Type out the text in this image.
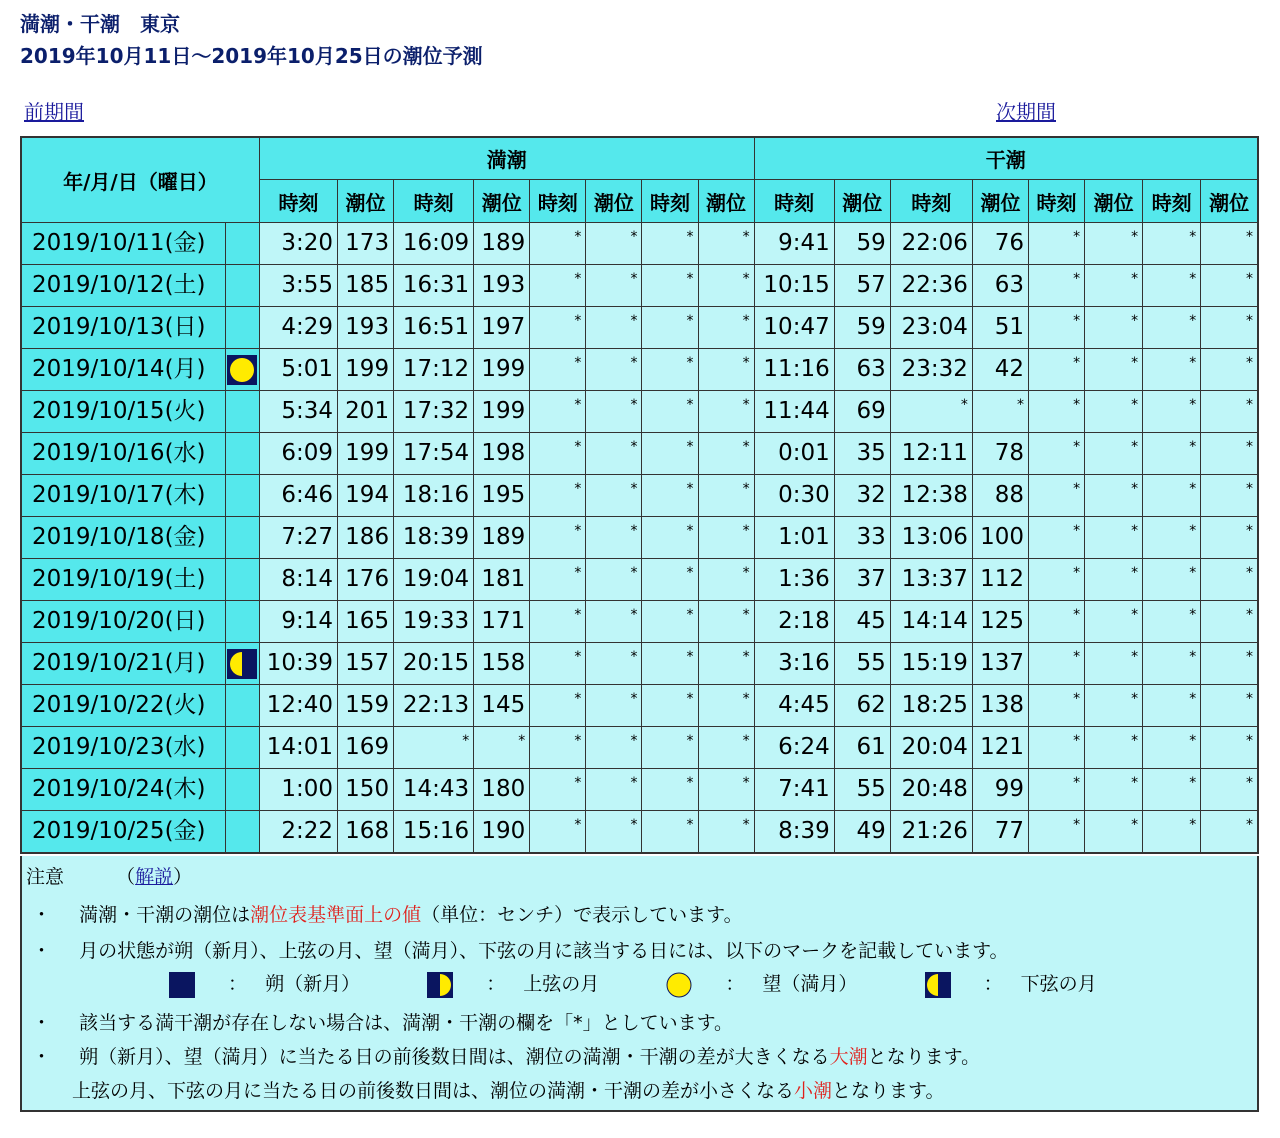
満潮・干潮　東京
2019年10月11日〜2019年10月25日の潮位予測
前期間	次期間
年/月/日（曜日）		満潮								干潮							
		時刻	潮位	時刻	潮位	時刻	潮位	時刻	潮位	時刻	潮位	時刻	潮位	時刻	潮位	時刻	潮位
2019/10/11(金)		3:20	173	16:09	189	*	*	*	*	9:41	59	22:06	76	*	*	*	*
2019/10/12(土)		3:55	185	16:31	193	*	*	*	*	10:15	57	22:36	63	*	*	*	*
2019/10/13(日)		4:29	193	16:51	197	*	*	*	*	10:47	59	23:04	51	*	*	*	*
2019/10/14(月)		5:01	199	17:12	199	*	*	*	*	11:16	63	23:32	42	*	*	*	*
2019/10/15(火)		5:34	201	17:32	199	*	*	*	*	11:44	69	*	*	*	*	*	*
2019/10/16(水)		6:09	199	17:54	198	*	*	*	*	0:01	35	12:11	78	*	*	*	*
2019/10/17(木)		6:46	194	18:16	195	*	*	*	*	0:30	32	12:38	88	*	*	*	*
2019/10/18(金)		7:27	186	18:39	189	*	*	*	*	1:01	33	13:06	100	*	*	*	*
2019/10/19(土)		8:14	176	19:04	181	*	*	*	*	1:36	37	13:37	112	*	*	*	*
2019/10/20(日)		9:14	165	19:33	171	*	*	*	*	2:18	45	14:14	125	*	*	*	*
2019/10/21(月)		10:39	157	20:15	158	*	*	*	*	3:16	55	15:19	137	*	*	*	*
2019/10/22(火)		12:40	159	22:13	145	*	*	*	*	4:45	62	18:25	138	*	*	*	*
2019/10/23(水)		14:01	169	*	*	*	*	*	*	6:24	61	20:04	121	*	*	*	*
2019/10/24(木)		1:00	150	14:43	180	*	*	*	*	7:41	55	20:48	99	*	*	*	*
2019/10/25(金)		2:22	168	15:16	190	*	*	*	*	8:39	49	21:26	77	*	*	*	*
注意	（解説）
・ 満潮・干潮の潮位は潮位表基準面上の値（単位：センチ）で表示しています。
・ 月の状態が朔（新月）、上弦の月、望（満月）、下弦の月に該当する日には、以下のマークを記載しています。
： 朔（新月）	： 上弦の月	： 望（満月）	： 下弦の月
・ 該当する満干潮が存在しない場合は、満潮・干潮の欄を「*」としています。
・ 朔（新月）、望（満月）に当たる日の前後数日間は、潮位の満潮・干潮の差が大きくなる大潮となります。
上弦の月、下弦の月に当たる日の前後数日間は、潮位の満潮・干潮の差が小さくなる小潮となります。
